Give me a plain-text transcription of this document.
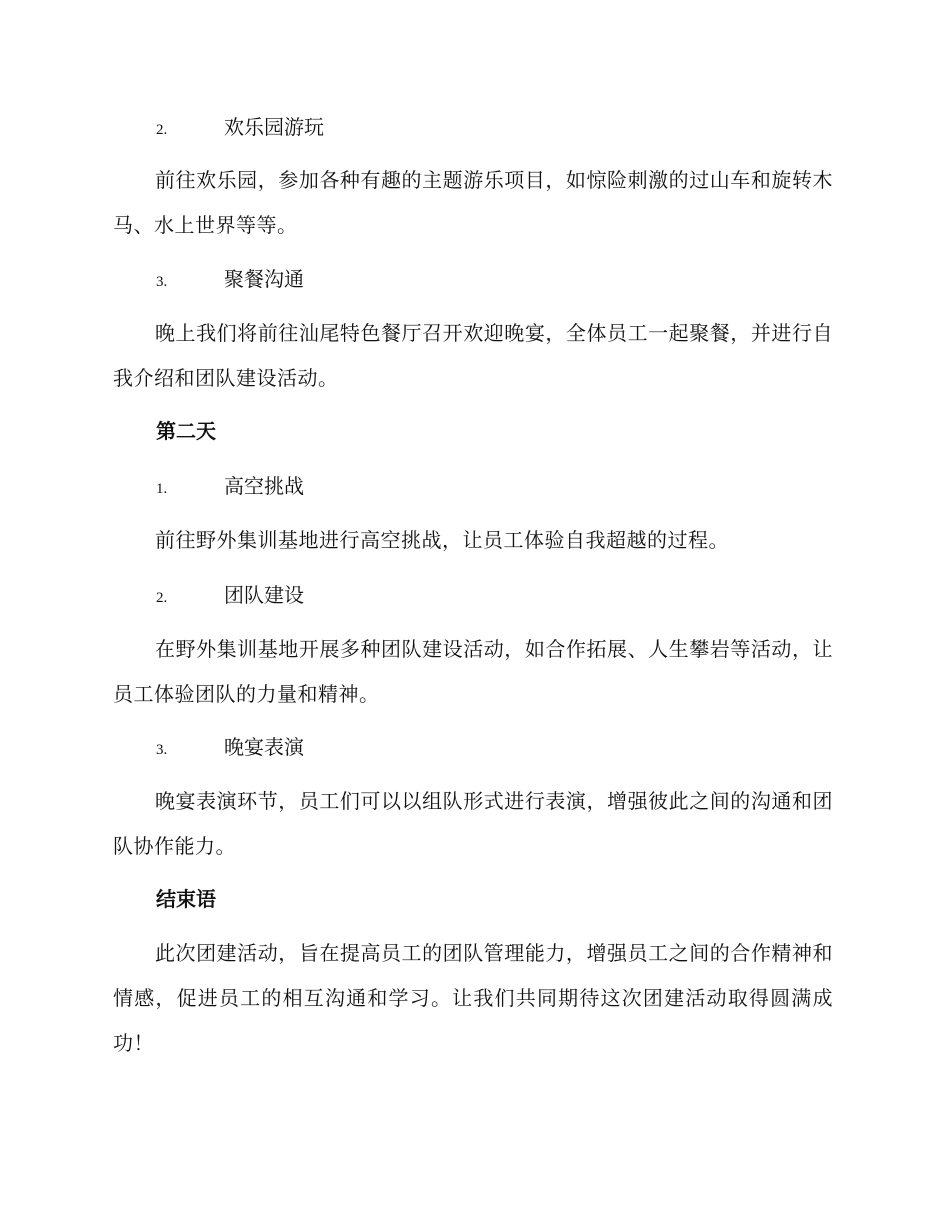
2.	欢乐园游玩

前往欢乐园，参加各种有趣的主题游乐项目，如惊险刺激的过山车和旋转木马、水上世界等等。

3.	聚餐沟通

晚上我们将前往汕尾特色餐厅召开欢迎晚宴，全体员工一起聚餐，并进行自我介绍和团队建设活动。

第二天
1.	高空挑战

前往野外集训基地进行高空挑战，让员工体验自我超越的过程。

2.	团队建设

在野外集训基地开展多种团队建设活动，如合作拓展、人生攀岩等活动，让员工体验团队的力量和精神。

3.	晚宴表演

晚宴表演环节，员工们可以以组队形式进行表演，增强彼此之间的沟通和团队协作能力。

结束语

此次团建活动，旨在提高员工的团队管理能力，增强员工之间的合作精神和情感，促进员工的相互沟通和学习。让我们共同期待这次团建活动取得圆满成功！
